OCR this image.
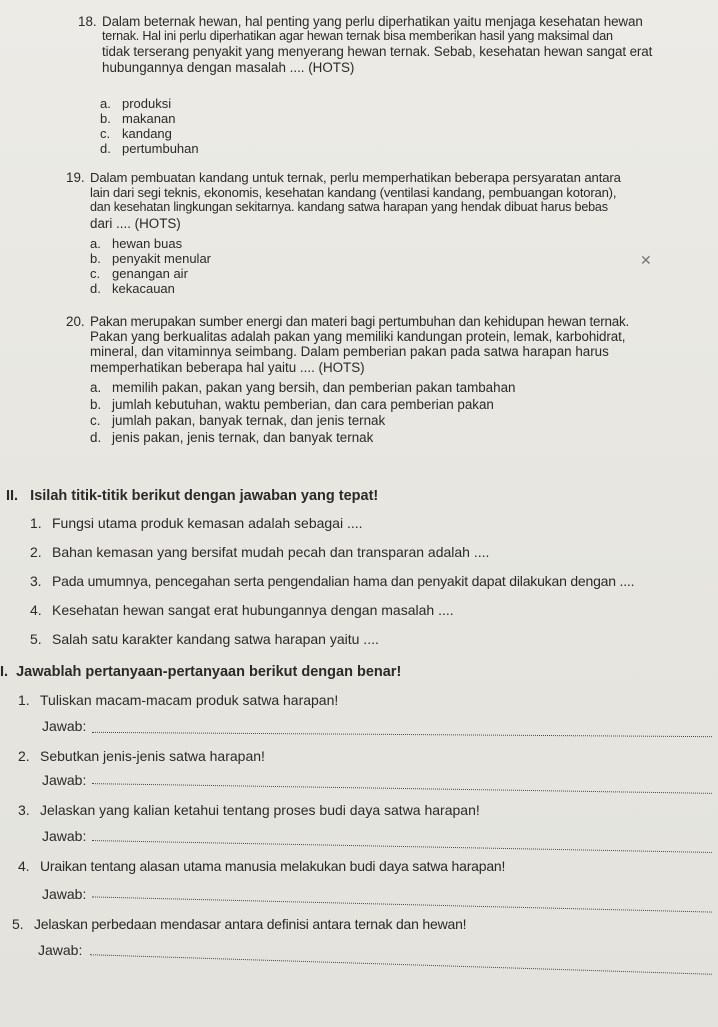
18. Dalam beternak hewan, hal penting yang perlu diperhatikan yaitu menjaga kesehatan hewan
ternak. Hal ini perlu diperhatikan agar hewan ternak bisa memberikan hasil yang maksimal dan
tidak terserang penyakit yang menyerang hewan ternak. Sebab, kesehatan hewan sangat erat
hubungannya dengan masalah .... (HOTS)
a. produksi
b. makanan
c. kandang
d. pertumbuhan
19. Dalam pembuatan kandang untuk ternak, perlu memperhatikan beberapa persyaratan antara
lain dari segi teknis, ekonomis, kesehatan kandang (ventilasi kandang, pembuangan kotoran),
dan kesehatan lingkungan sekitarnya. kandang satwa harapan yang hendak dibuat harus bebas
dari .... (HOTS)
a. hewan buas
b. penyakit menular
c. genangan air
d. kekacauan
✕
20. Pakan merupakan sumber energi dan materi bagi pertumbuhan dan kehidupan hewan ternak.
Pakan yang berkualitas adalah pakan yang memiliki kandungan protein, lemak, karbohidrat,
mineral, dan vitaminnya seimbang. Dalam pemberian pakan pada satwa harapan harus
memperhatikan beberapa hal yaitu .... (HOTS)
a. memilih pakan, pakan yang bersih, dan pemberian pakan tambahan
b. jumlah kebutuhan, waktu pemberian, dan cara pemberian pakan
c. jumlah pakan, banyak ternak, dan jenis ternak
d. jenis pakan, jenis ternak, dan banyak ternak
II.   Isilah titik-titik berikut dengan jawaban yang tepat!
1. Fungsi utama produk kemasan adalah sebagai ....
2. Bahan kemasan yang bersifat mudah pecah dan transparan adalah ....
3. Pada umumnya, pencegahan serta pengendalian hama dan penyakit dapat dilakukan dengan ....
4. Kesehatan hewan sangat erat hubungannya dengan masalah ....
5. Salah satu karakter kandang satwa harapan yaitu ....
I.  Jawablah pertanyaan-pertanyaan berikut dengan benar!
1. Tuliskan macam-macam produk satwa harapan!
Jawab:
2. Sebutkan jenis-jenis satwa harapan!
Jawab:
3. Jelaskan yang kalian ketahui tentang proses budi daya satwa harapan!
Jawab:
4. Uraikan tentang alasan utama manusia melakukan budi daya satwa harapan!
Jawab:
5. Jelaskan perbedaan mendasar antara definisi antara ternak dan hewan!
Jawab:
